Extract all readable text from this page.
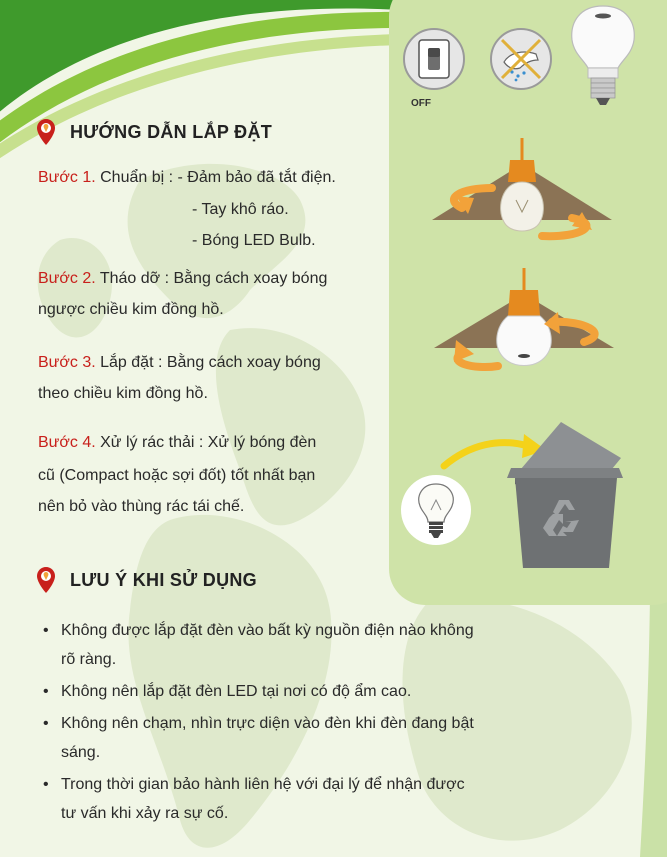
OFF
HƯỚNG DẪN LẮP ĐẶT
Bước 1. Chuẩn bị : - Đảm bảo đã tắt điện.
- Tay khô ráo.
- Bóng LED Bulb.
Bước 2. Tháo dỡ : Bằng cách xoay bóng
ngược chiều kim đồng hồ.
Bước 3. Lắp đặt : Bằng cách xoay bóng
theo chiều kim đồng hồ.
Bước 4. Xử lý rác thải : Xử lý bóng đèn
cũ (Compact hoặc sợi đốt) tốt nhất bạn
nên bỏ vào thùng rác tái chế.
LƯU Ý KHI SỬ DỤNG
• Không được lắp đặt đèn vào bất kỳ nguồn điện nào không rõ ràng.
• Không nên lắp đặt đèn LED tại nơi có độ ẩm cao.
• Không nên chạm, nhìn trực diện vào đèn khi đèn đang bật sáng.
• Trong thời gian bảo hành liên hệ với đại lý để nhận được tư vấn khi xảy ra sự cố.
